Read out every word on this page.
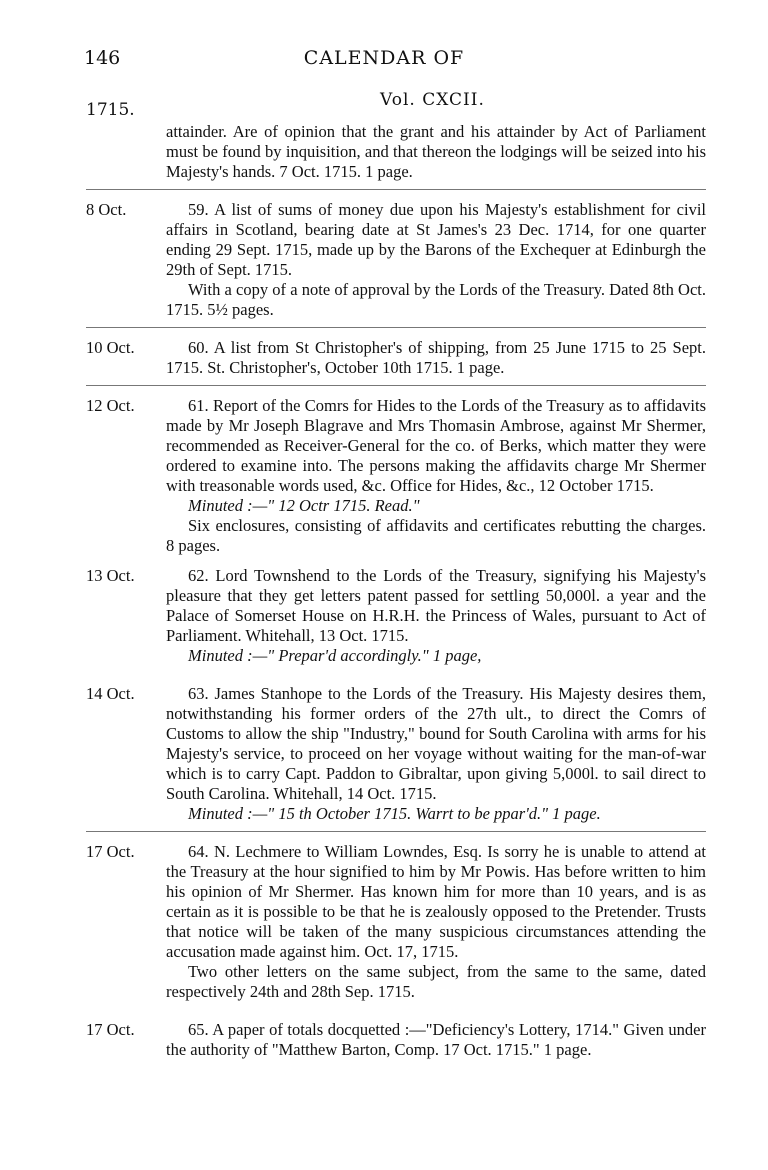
146	CALENDAR OF
1715.	Vol. CXCII.

attainder. Are of opinion that the grant and his attainder by Act of Parliament must be found by inquisition, and that thereon the lodgings will be seized into his Majesty's hands. 7 Oct. 1715. 1 page.

8 Oct.	59. A list of sums of money due upon his Majesty's establishment for civil affairs in Scotland, bearing date at St James's 23 Dec. 1714, for one quarter ending 29 Sept. 1715, made up by the Barons of the Exchequer at Edinburgh the 29th of Sept. 1715.

With a copy of a note of approval by the Lords of the Treasury. Dated 8th Oct. 1715. 5½ pages.

10 Oct.	60. A list from St Christopher's of shipping, from 25 June 1715 to 25 Sept. 1715. St. Christopher's, October 10th 1715. 1 page.

12 Oct.	61. Report of the Comrs for Hides to the Lords of the Treasury as to affidavits made by Mr Joseph Blagrave and Mrs Thomasin Ambrose, against Mr Shermer, recommended as Receiver-General for the co. of Berks, which matter they were ordered to examine into. The persons making the affidavits charge Mr Shermer with treasonable words used, &c. Office for Hides, &c., 12 October 1715.

Minuted :—" 12 Octr 1715. Read."

Six enclosures, consisting of affidavits and certificates rebutting the charges. 8 pages.

13 Oct.	62. Lord Townshend to the Lords of the Treasury, signifying his Majesty's pleasure that they get letters patent passed for settling 50,000l. a year and the Palace of Somerset House on H.R.H. the Princess of Wales, pursuant to Act of Parliament. Whitehall, 13 Oct. 1715.

Minuted :—" Prepar'd accordingly." 1 page,

14 Oct.	63. James Stanhope to the Lords of the Treasury. His Majesty desires them, notwithstanding his former orders of the 27th ult., to direct the Comrs of Customs to allow the ship "Industry," bound for South Carolina with arms for his Majesty's service, to proceed on her voyage without waiting for the man-of-war which is to carry Capt. Paddon to Gibraltar, upon giving 5,000l. to sail direct to South Carolina. Whitehall, 14 Oct. 1715.

Minuted :—" 15 th October 1715. Warrt to be ppar'd." 1 page.

17 Oct.	64. N. Lechmere to William Lowndes, Esq. Is sorry he is unable to attend at the Treasury at the hour signified to him by Mr Powis. Has before written to him his opinion of Mr Shermer. Has known him for more than 10 years, and is as certain as it is possible to be that he is zealously opposed to the Pretender. Trusts that notice will be taken of the many suspicious circumstances attending the accusation made against him. Oct. 17, 1715.

Two other letters on the same subject, from the same to the same, dated respectively 24th and 28th Sep. 1715.

17 Oct.	65. A paper of totals docquetted :—"Deficiency's Lottery, 1714." Given under the authority of "Matthew Barton, Comp. 17 Oct. 1715." 1 page.
